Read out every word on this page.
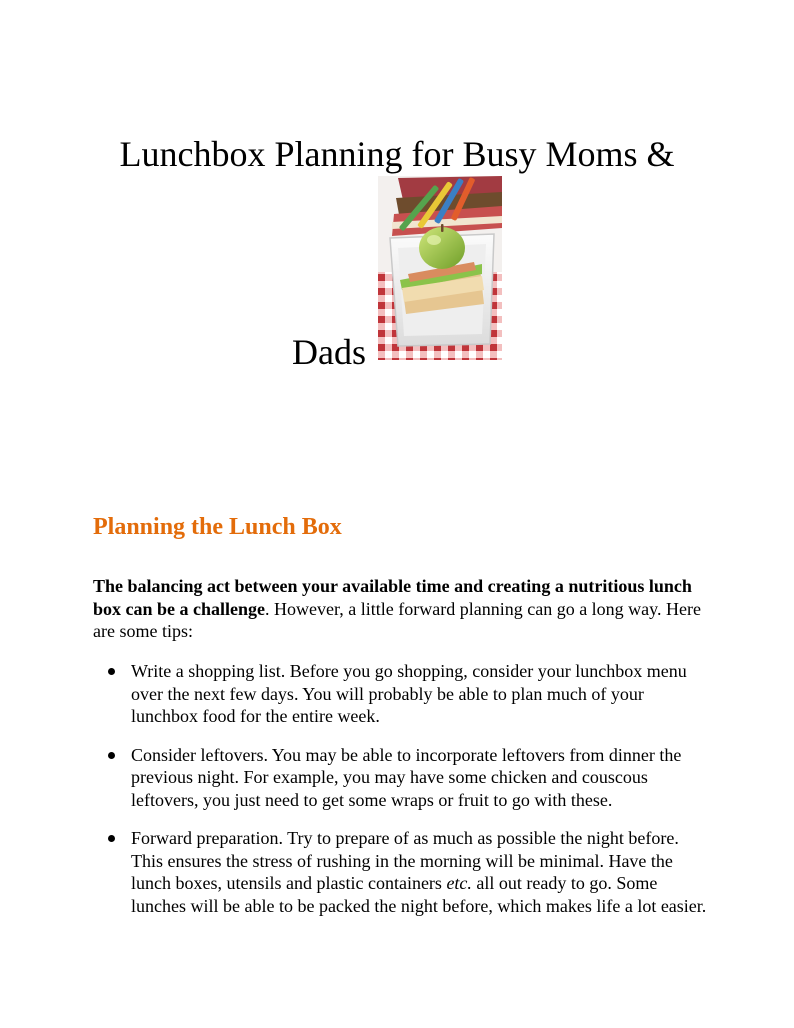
Lunchbox Planning for Busy Moms &
Dads
Planning the Lunch Box

The balancing act between your available time and creating a nutritious lunch box can be a challenge. However, a little forward planning can go a long way. Here are some tips:

Write a shopping list. Before you go shopping, consider your lunchbox menu over the next few days. You will probably be able to plan much of your lunchbox food for the entire week.
Consider leftovers. You may be able to incorporate leftovers from dinner the previous night. For example, you may have some chicken and couscous leftovers, you just need to get some wraps or fruit to go with these.
Forward preparation. Try to prepare of as much as possible the night before. This ensures the stress of rushing in the morning will be minimal. Have the lunch boxes, utensils and plastic containers etc. all out ready to go. Some lunches will be able to be packed the night before, which makes life a lot easier.
